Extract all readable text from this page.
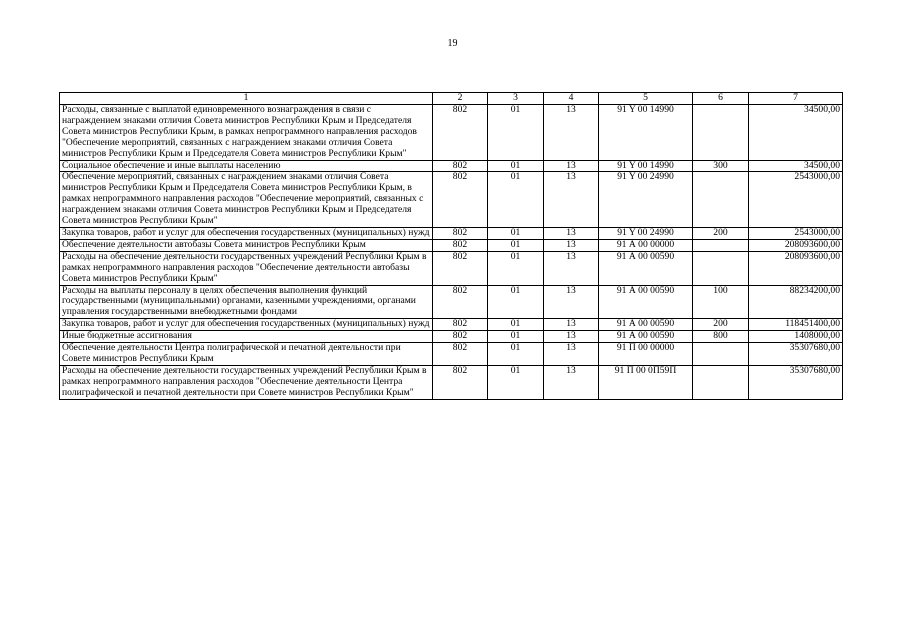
19
1	2	3	4	5	6	7
Расходы, связанные с выплатой единовременного вознаграждения в связи с награждением знаками отличия Совета министров Республики Крым и Председателя Совета министров Республики Крым, в рамках непрограммного направления расходов "Обеспечение мероприятий, связанных с награждением знаками отличия Совета министров Республики Крым и Председателя Совета министров Республики Крым"	802	01	13	91 Y 00 14990		34500,00
Социальное обеспечение и иные выплаты населению	802	01	13	91 Y 00 14990	300	34500,00
Обеспечение мероприятий, связанных с награждением знаками отличия Совета министров Республики Крым и Председателя Совета министров Республики Крым, в рамках непрограммного направления расходов "Обеспечение мероприятий, связанных с награждением знаками отличия Совета министров Республики Крым и Председателя Совета министров Республики Крым"	802	01	13	91 Y 00 24990		2543000,00
Закупка товаров, работ и услуг для обеспечения государственных (муниципальных) нужд	802	01	13	91 Y 00 24990	200	2543000,00
Обеспечение деятельности автобазы Совета министров Республики Крым	802	01	13	91 А 00 00000		208093600,00
Расходы на обеспечение деятельности государственных учреждений Республики Крым в рамках непрограммного направления расходов "Обеспечение деятельности автобазы Совета министров Республики Крым"	802	01	13	91 А 00 00590		208093600,00
Расходы на выплаты персоналу в целях обеспечения выполнения функций государственными (муниципальными) органами, казенными учреждениями, органами управления государственными внебюджетными фондами	802	01	13	91 А 00 00590	100	88234200,00
Закупка товаров, работ и услуг для обеспечения государственных (муниципальных) нужд	802	01	13	91 А 00 00590	200	118451400,00
Иные бюджетные ассигнования	802	01	13	91 А 00 00590	800	1408000,00
Обеспечение деятельности Центра полиграфической и печатной деятельности при Совете министров Республики Крым	802	01	13	91 П 00 00000		35307680,00
Расходы на обеспечение деятельности государственных учреждений Республики Крым в рамках непрограммного направления расходов "Обеспечение деятельности Центра полиграфической и печатной деятельности при Совете министров Республики Крым"	802	01	13	91 П 00 0П59П		35307680,00
